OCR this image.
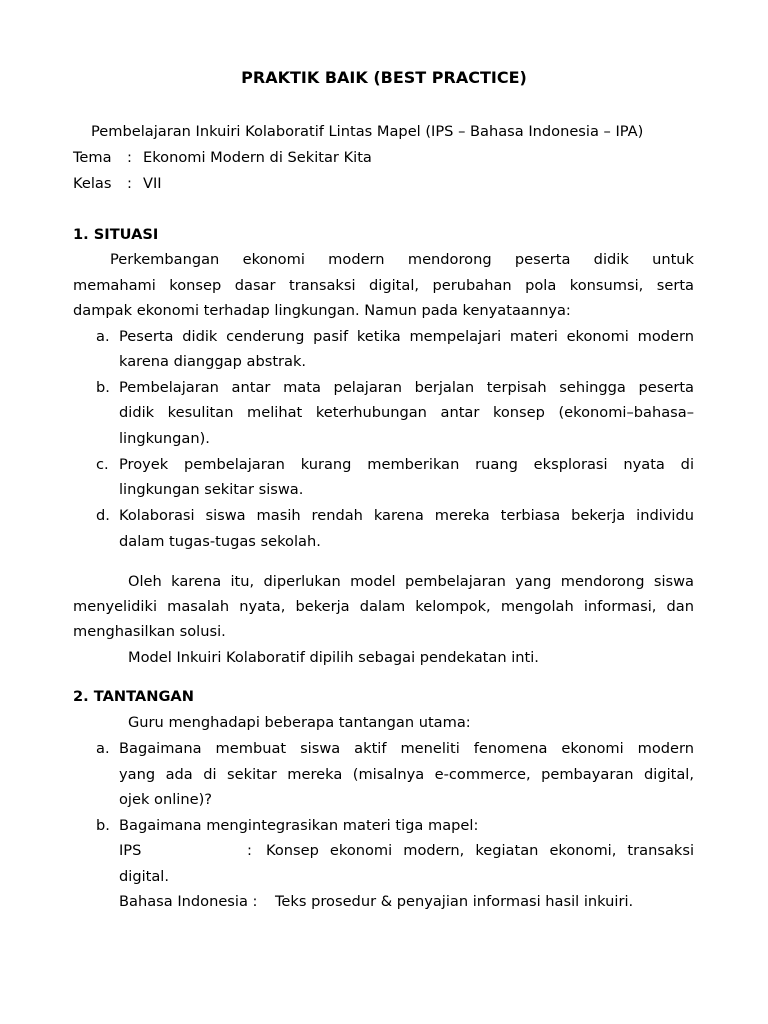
PRAKTIK BAIK (BEST PRACTICE)
Pembelajaran Inkuiri Kolaboratif Lintas Mapel (IPS – Bahasa Indonesia – IPA)
Tema : Ekonomi Modern di Sekitar Kita
Kelas : VII
1. SITUASI
Perkembangan ekonomi modern mendorong peserta didik untuk
memahami konsep dasar transaksi digital, perubahan pola konsumsi, serta
dampak ekonomi terhadap lingkungan. Namun pada kenyataannya:
a. Peserta didik cenderung pasif ketika mempelajari materi ekonomi modern
karena dianggap abstrak.
b. Pembelajaran antar mata pelajaran berjalan terpisah sehingga peserta
didik kesulitan melihat keterhubungan antar konsep (ekonomi–bahasa–
lingkungan).
c. Proyek pembelajaran kurang memberikan ruang eksplorasi nyata di
lingkungan sekitar siswa.
d. Kolaborasi siswa masih rendah karena mereka terbiasa bekerja individu
dalam tugas-tugas sekolah.
Oleh karena itu, diperlukan model pembelajaran yang mendorong siswa
menyelidiki masalah nyata, bekerja dalam kelompok, mengolah informasi, dan
menghasilkan solusi.
Model Inkuiri Kolaboratif dipilih sebagai pendekatan inti.
2. TANTANGAN
Guru menghadapi beberapa tantangan utama:
a. Bagaimana membuat siswa aktif meneliti fenomena ekonomi modern
yang ada di sekitar mereka (misalnya e-commerce, pembayaran digital,
ojek online)?
b. Bagaimana mengintegrasikan materi tiga mapel:
IPS	: Konsep ekonomi modern, kegiatan ekonomi, transaksi
digital.
Bahasa Indonesia : Teks prosedur & penyajian informasi hasil inkuiri.
